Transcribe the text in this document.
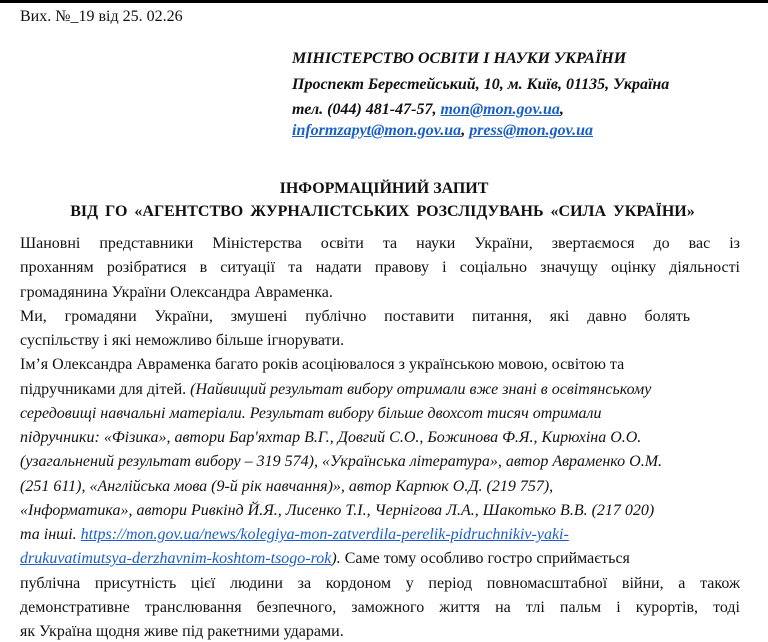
Вих. №_19 від 25. 02.26
МІНІСТЕРСТВО ОСВІТИ І НАУКИ УКРАЇНИ
Проспект Берестейський, 10, м. Київ, 01135, Україна
тел. (044) 481-47-57, mon@mon.gov.ua,
informzapyt@mon.gov.ua, press@mon.gov.ua
ІНФОРМАЦІЙНИЙ ЗАПИТ
ВІД ГО «АГЕНТСТВО ЖУРНАЛІСТСЬКИХ РОЗСЛІДУВАНЬ «СИЛА УКРАЇНИ»
Шановні представники Міністерства освіти та науки України, звертаємося до вас із
проханням розібратися в ситуації та надати правову і соціально значущу оцінку діяльності
громадянина України Олександра Авраменка.
Ми, громадяни України, змушені публічно поставити питання, які давно болять
суспільству і які неможливо більше ігнорувати.
Ім’я Олександра Авраменка багато років асоціювалося з українською мовою, освітою та
підручниками для дітей. (Найвищий результат вибору отримали вже знані в освітянському
середовищі навчальні матеріали. Результат вибору більше двохсот тисяч отримали
підручники: «Фізика», автори Бар'яхтар В.Г., Довгий С.О., Божинова Ф.Я., Кирюхіна О.О.
(узагальнений результат вибору – 319 574), «Українська література», автор Авраменко О.М.
(251 611), «Англійська мова (9-й рік навчання)», автор Карпюк О.Д. (219 757),
«Інформатика», автори Ривкінд Й.Я., Лисенко Т.І., Чернігова Л.А., Шакотько В.В. (217 020)
та інші. https://mon.gov.ua/news/kolegiya-mon-zatverdila-perelik-pidruchnikiv-yaki-
drukuvatimutsya-derzhavnim-koshtom-tsogo-rok). Саме тому особливо гостро сприймається
публічна присутність цієї людини за кордоном у період повномасштабної війни, а також
демонстративне транслювання безпечного, заможного життя на тлі пальм і курортів, тоді
як Україна щодня живе під ракетними ударами.
